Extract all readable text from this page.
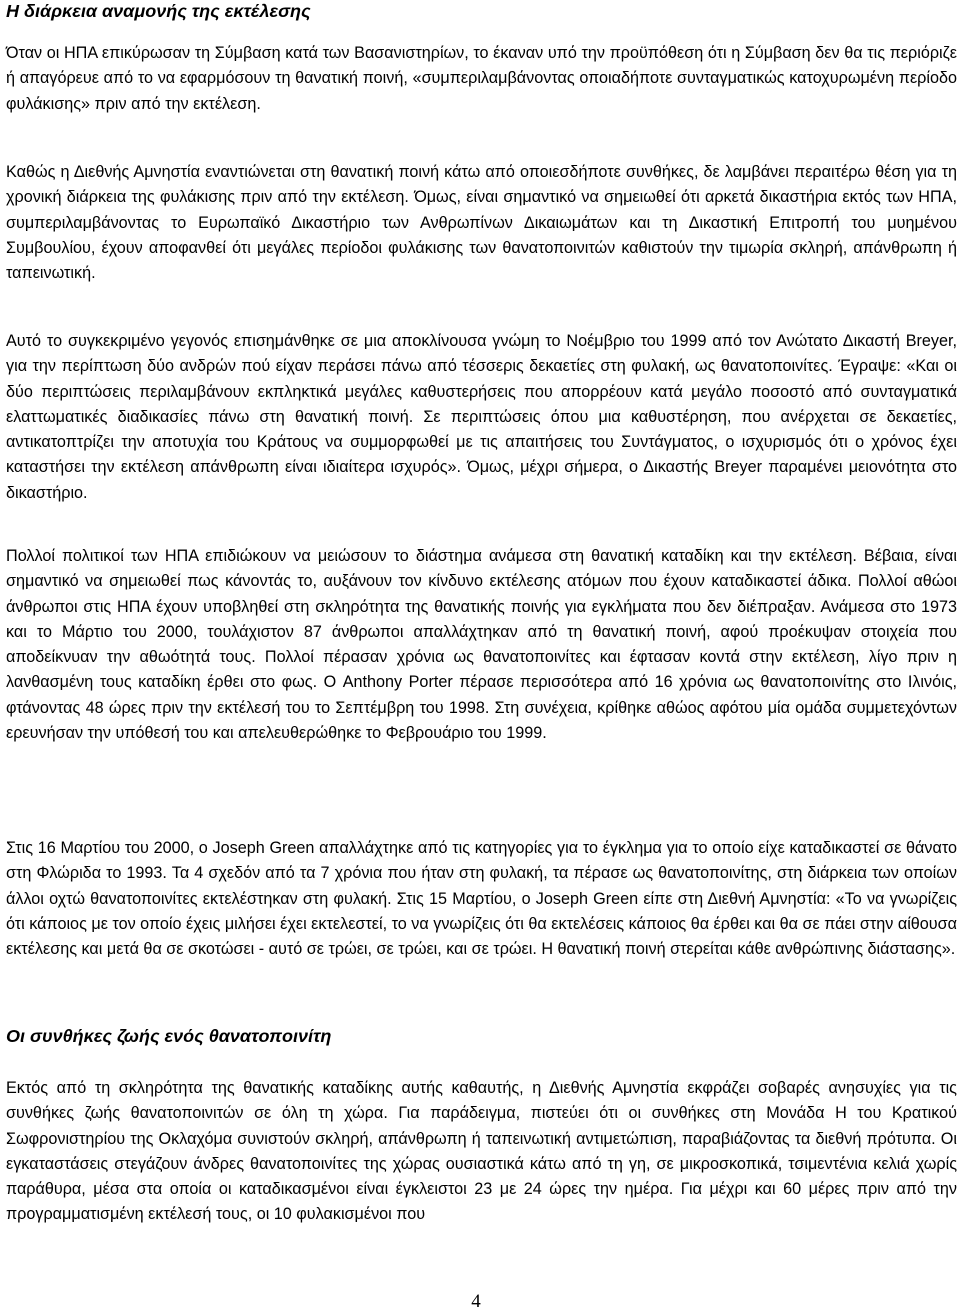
Η διάρκεια αναμονής της εκτέλεσης

Όταν οι ΗΠΑ επικύρωσαν τη Σύμβαση κατά των Βασανιστηρίων, το έκαναν υπό την προϋπόθεση ότι η Σύμβαση δεν θα τις περιόριζε ή απαγόρευε από το να εφαρμόσουν τη θανατική ποινή, «συμπεριλαμβάνοντας οποιαδήποτε συνταγματικώς κατοχυρωμένη περίοδο φυλάκισης» πριν από την εκτέλεση.

Καθώς η Διεθνής Αμνηστία εναντιώνεται στη θανατική ποινή κάτω από οποιεσδήποτε συνθήκες, δε λαμβάνει περαιτέρω θέση για τη χρονική διάρκεια της φυλάκισης πριν από την εκτέλεση. Όμως, είναι σημαντικό να σημειωθεί ότι αρκετά δικαστήρια εκτός των ΗΠΑ, συμπεριλαμβάνοντας το Ευρωπαϊκό Δικαστήριο των Ανθρωπίνων Δικαιωμάτων και τη Δικαστική Επιτροπή του μυημένου Συμβουλίου, έχουν αποφανθεί ότι μεγάλες περίοδοι φυλάκισης των θανατοποινιτών καθιστούν την τιμωρία σκληρή, απάνθρωπη ή ταπεινωτική.

Αυτό το συγκεκριμένο γεγονός επισημάνθηκε σε μια αποκλίνουσα γνώμη το Νοέμβριο του 1999 από τον Ανώτατο Δικαστή Breyer, για την περίπτωση δύο ανδρών πού είχαν περάσει πάνω από τέσσερις δεκαετίες στη φυλακή, ως θανατοποινίτες. Έγραψε: «Και οι δύο περιπτώσεις περιλαμβάνουν εκπληκτικά μεγάλες καθυστερήσεις που απορρέουν κατά μεγάλο ποσοστό από συνταγματικά ελαττωματικές διαδικασίες πάνω στη θανατική ποινή. Σε περιπτώσεις όπου μια καθυστέρηση, που ανέρχεται σε δεκαετίες, αντικατοπτρίζει την αποτυχία του Κράτους να συμμορφωθεί με τις απαιτήσεις του Συντάγματος, ο ισχυρισμός ότι ο χρόνος έχει καταστήσει την εκτέλεση απάνθρωπη είναι ιδιαίτερα ισχυρός». Όμως, μέχρι σήμερα, ο Δικαστής Breyer παραμένει μειονότητα στο δικαστήριο.

Πολλοί πολιτικοί των ΗΠΑ επιδιώκουν να μειώσουν το διάστημα ανάμεσα στη θανατική καταδίκη και την εκτέλεση. Βέβαια, είναι σημαντικό να σημειωθεί πως κάνοντάς το, αυξάνουν τον κίνδυνο εκτέλεσης ατόμων που έχουν καταδικαστεί άδικα. Πολλοί αθώοι άνθρωποι στις ΗΠΑ έχουν υποβληθεί στη σκληρότητα της θανατικής ποινής για εγκλήματα που δεν διέπραξαν. Ανάμεσα στο 1973 και το Μάρτιο του 2000, τουλάχιστον 87 άνθρωποι απαλλάχτηκαν από τη θανατική ποινή, αφού προέκυψαν στοιχεία που αποδείκνυαν την αθωότητά τους. Πολλοί πέρασαν χρόνια ως θανατοποινίτες και έφτασαν κοντά στην εκτέλεση, λίγο πριν η λανθασμένη τους καταδίκη έρθει στο φως. Ο Anthony Porter πέρασε περισσότερα από 16 χρόνια ως θανατοποινίτης στο Ιλινόις, φτάνοντας 48 ώρες πριν την εκτέλεσή του το Σεπτέμβρη του 1998. Στη συνέχεια, κρίθηκε αθώος αφότου μία ομάδα συμμετεχόντων ερευνήσαν την υπόθεσή του και απελευθερώθηκε το Φεβρουάριο του 1999.

Στις 16 Μαρτίου του 2000, ο Joseph Green απαλλάχτηκε από τις κατηγορίες για το έγκλημα για το οποίο είχε καταδικαστεί σε θάνατο στη Φλώριδα το 1993. Τα 4 σχεδόν από τα 7 χρόνια που ήταν στη φυλακή, τα πέρασε ως θανατοποινίτης, στη διάρκεια των οποίων άλλοι οχτώ θανατοποινίτες εκτελέστηκαν στη φυλακή. Στις 15 Μαρτίου, ο Joseph Green είπε στη Διεθνή Αμνηστία: «Το να γνωρίζεις ότι κάποιος με τον οποίο έχεις μιλήσει έχει εκτελεστεί, το να γνωρίζεις ότι θα εκτελέσεις κάποιος θα έρθει και θα σε πάει στην αίθουσα εκτέλεσης και μετά θα σε σκοτώσει - αυτό σε τρώει, σε τρώει, και σε τρώει. Η θανατική ποινή στερείται κάθε ανθρώπινης διάστασης».

Οι συνθήκες ζωής ενός θανατοποινίτη

Εκτός από τη σκληρότητα της θανατικής καταδίκης αυτής καθαυτής, η Διεθνής Αμνηστία εκφράζει σοβαρές ανησυχίες για τις συνθήκες ζωής θανατοποινιτών σε όλη τη χώρα. Για παράδειγμα, πιστεύει ότι οι συνθήκες στη Μονάδα Η του Κρατικού Σωφρονιστηρίου της Οκλαχόμα συνιστούν σκληρή, απάνθρωπη ή ταπεινωτική αντιμετώπιση, παραβιάζοντας τα διεθνή πρότυπα. Οι εγκαταστάσεις στεγάζουν άνδρες θανατοποινίτες της χώρας ουσιαστικά κάτω από τη γη, σε μικροσκοπικά, τσιμεντένια κελιά χωρίς παράθυρα, μέσα στα οποία οι καταδικασμένοι είναι έγκλειστοι 23 με 24 ώρες την ημέρα. Για μέχρι και 60 μέρες πριν από την προγραμματισμένη εκτέλεσή τους, οι 10 φυλακισμένοι που

4
